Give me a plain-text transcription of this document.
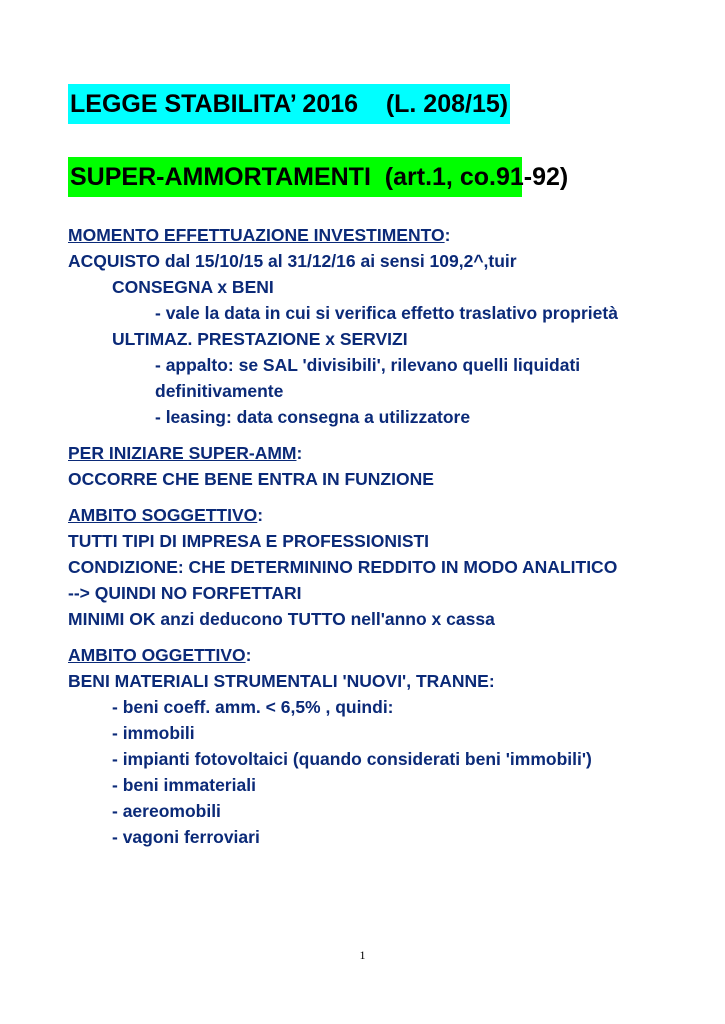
LEGGE STABILITA’ 2016    (L. 208/15)
SUPER-AMMORTAMENTI  (art.1, co.91-92)
MOMENTO EFFETTUAZIONE INVESTIMENTO:
ACQUISTO dal 15/10/15 al 31/12/16 ai sensi 109,2^,tuir
CONSEGNA x BENI
- vale la data in cui si verifica effetto traslativo proprietà
ULTIMAZ. PRESTAZIONE x SERVIZI
- appalto: se SAL 'divisibili', rilevano quelli liquidati
definitivamente
- leasing: data consegna a utilizzatore
PER INIZIARE SUPER-AMM:
OCCORRE CHE BENE ENTRA IN FUNZIONE
AMBITO SOGGETTIVO:
TUTTI TIPI DI IMPRESA E PROFESSIONISTI
CONDIZIONE: CHE DETERMININO REDDITO IN MODO ANALITICO
--> QUINDI NO FORFETTARI
MINIMI OK anzi deducono TUTTO nell'anno x cassa
AMBITO OGGETTIVO:
BENI MATERIALI STRUMENTALI 'NUOVI', TRANNE:
- beni coeff. amm. < 6,5% , quindi:
- immobili
- impianti fotovoltaici (quando considerati beni 'immobili')
- beni immateriali
- aereomobili
- vagoni ferroviari
1
